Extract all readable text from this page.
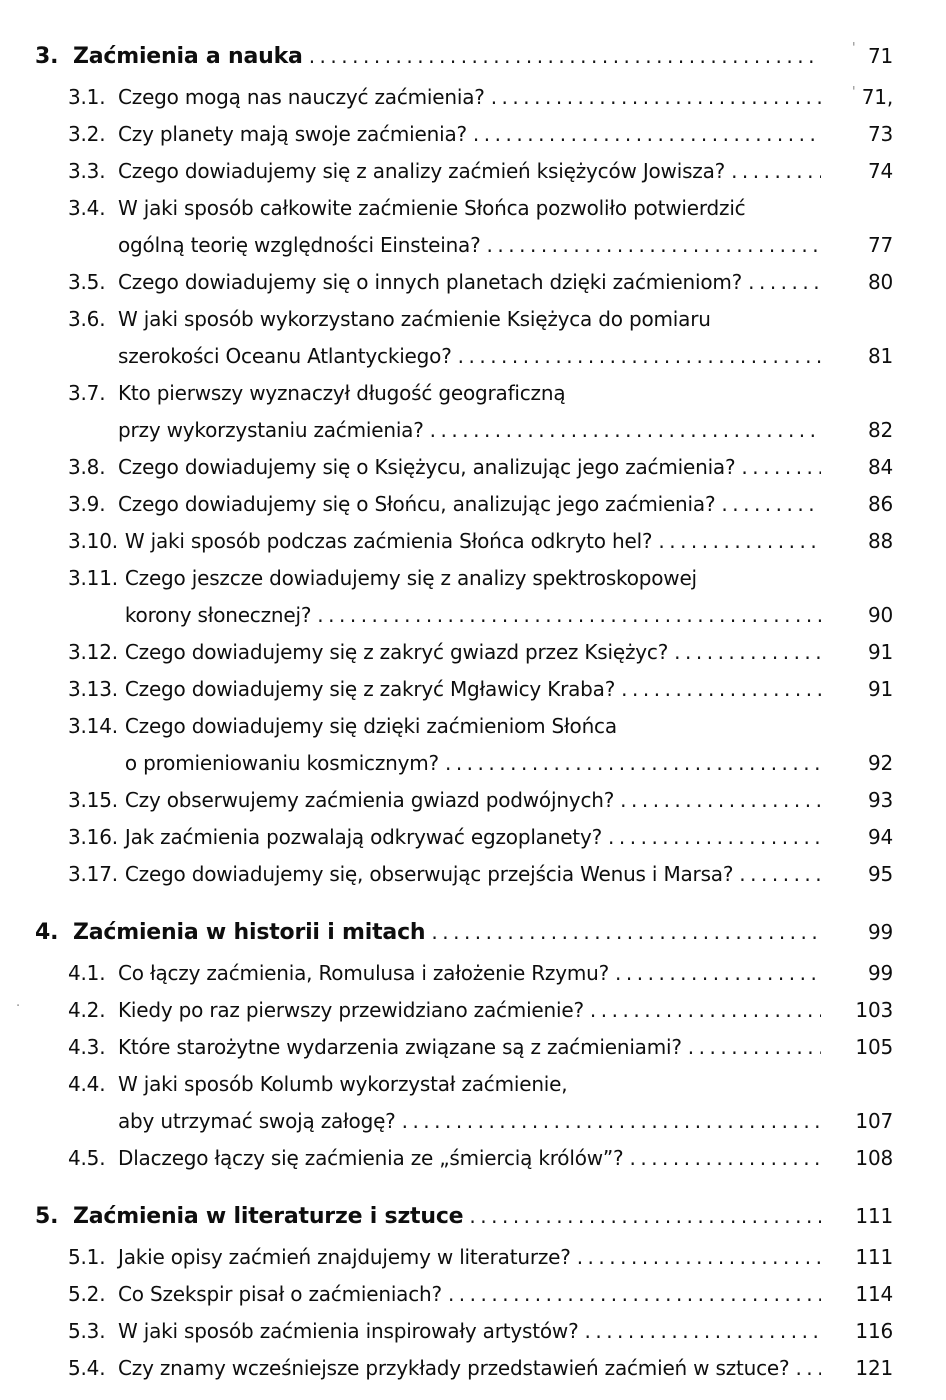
3. Zaćmienia a nauka .....	71
3.1. Czego mogą nas nauczyć zaćmienia? .....	71,
3.2. Czy planety mają swoje zaćmienia? .....	73
3.3. Czego dowiadujemy się z analizy zaćmień księżyców Jowisza? .....	74
3.4. W jaki sposób całkowite zaćmienie Słońca pozwoliło potwierdzić
ogólną teorię względności Einsteina? .....	77
3.5. Czego dowiadujemy się o innych planetach dzięki zaćmieniom? .....	80
3.6. W jaki sposób wykorzystano zaćmienie Księżyca do pomiaru
szerokości Oceanu Atlantyckiego? .....	81
3.7. Kto pierwszy wyznaczył długość geograficzną
przy wykorzystaniu zaćmienia? .....	82
3.8. Czego dowiadujemy się o Księżycu, analizując jego zaćmienia? .....	84
3.9. Czego dowiadujemy się o Słońcu, analizując jego zaćmienia? .....	86
3.10. W jaki sposób podczas zaćmienia Słońca odkryto hel? .....	88
3.11. Czego jeszcze dowiadujemy się z analizy spektroskopowej
korony słonecznej? .....	90
3.12. Czego dowiadujemy się z zakryć gwiazd przez Księżyc? .....	91
3.13. Czego dowiadujemy się z zakryć Mgławicy Kraba? .....	91
3.14. Czego dowiadujemy się dzięki zaćmieniom Słońca
o promieniowaniu kosmicznym? .....	92
3.15. Czy obserwujemy zaćmienia gwiazd podwójnych? .....	93
3.16. Jak zaćmienia pozwalają odkrywać egzoplanety? .....	94
3.17. Czego dowiadujemy się, obserwując przejścia Wenus i Marsa? .....	95
4. Zaćmienia w historii i mitach .....	99
4.1. Co łączy zaćmienia, Romulusa i założenie Rzymu? .....	99
4.2. Kiedy po raz pierwszy przewidziano zaćmienie? .....	103
4.3. Które starożytne wydarzenia związane są z zaćmieniami? .....	105
4.4. W jaki sposób Kolumb wykorzystał zaćmienie,
aby utrzymać swoją załogę? .....	107
4.5. Dlaczego łączy się zaćmienia ze „śmiercią królów”? .....	108
5. Zaćmienia w literaturze i sztuce .....	111
5.1. Jakie opisy zaćmień znajdujemy w literaturze? .....	111
5.2. Co Szekspir pisał o zaćmieniach? .....	114
5.3. W jaki sposób zaćmienia inspirowały artystów? .....	116
5.4. Czy znamy wcześniejsze przykłady przedstawień zaćmień w sztuce? .....	121
'
'
.
